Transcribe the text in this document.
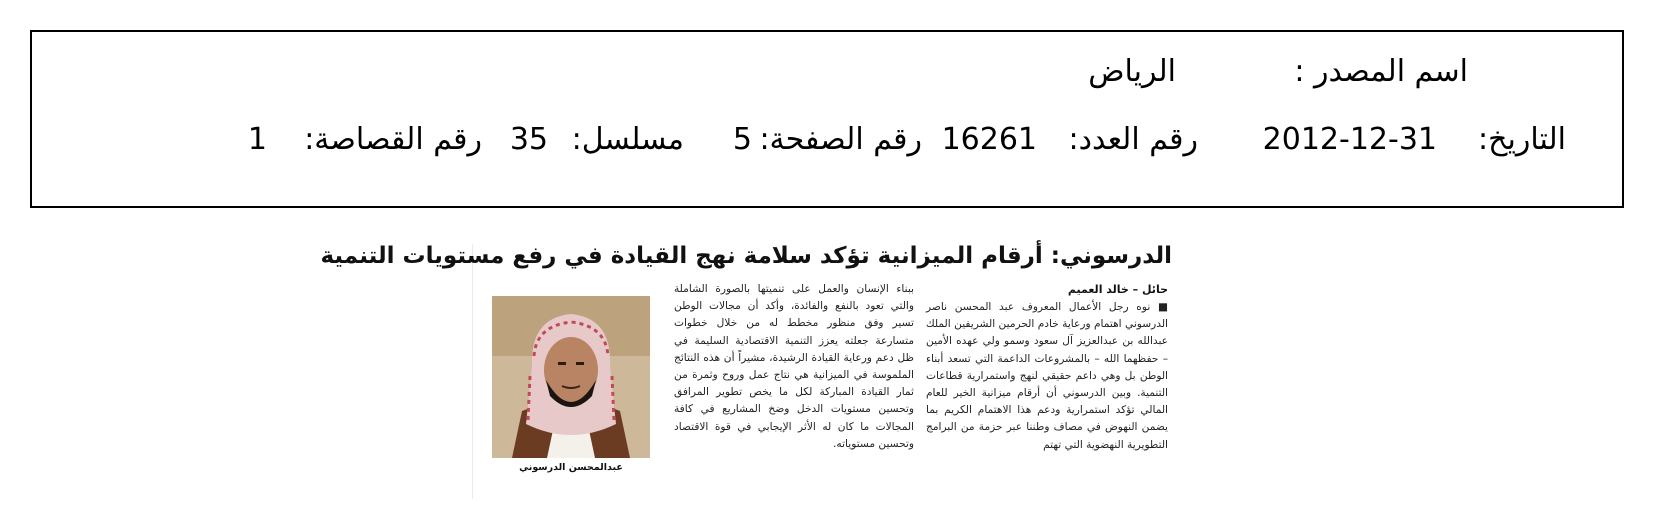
اسم المصدر :
الرياض
التاريخ:
2012-12-31
رقم العدد:
16261
رقم الصفحة:
5
مسلسل:
35
رقم القصاصة:
1
الدرسوني: أرقام الميزانية تؤكد سلامة نهج القيادة في رفع مستويات التنمية
حائل – خالد العميم
■ نوه رجل الأعمال المعروف عبد المحسن ناصر الدرسوني اهتمام ورعاية خادم الحرمين الشريفين الملك عبدالله بن عبدالعزيز آل سعود وسمو ولي عهده الأمين – حفظهما الله – بالمشروعات الداعمة التي تسعد أبناء الوطن بل وهي داعم حقيقي لنهج واستمرارية قطاعات التنمية. وبين الدرسوني أن أرقام ميزانية الخير للعام المالي تؤكد استمرارية ودعم هذا الاهتمام الكريم بما يضمن النهوض في مصاف وطننا عبر حزمة من البرامج التطويرية النهضوية التي تهتم
ببناء الإنسان والعمل على تنميتها بالصورة الشاملة والتي تعود بالنفع والفائدة، وأكد أن مجالات الوطن تسير وفق منظور مخطط له من خلال خطوات متسارعة جعلته يعزز التنمية الاقتصادية السليمة في ظل دعم ورعاية القيادة الرشيدة، مشيراً أن هذه النتائج الملموسة في الميزانية هي نتاج عمل وروح وثمرة من ثمار القيادة المباركة لكل ما يخص تطوير المرافق وتحسين مستويات الدخل وضخ المشاريع في كافة المجالات ما كان له الأثر الإيجابي في قوة الاقتصاد وتحسين مستوياته.
عبدالمحسن الدرسوني
